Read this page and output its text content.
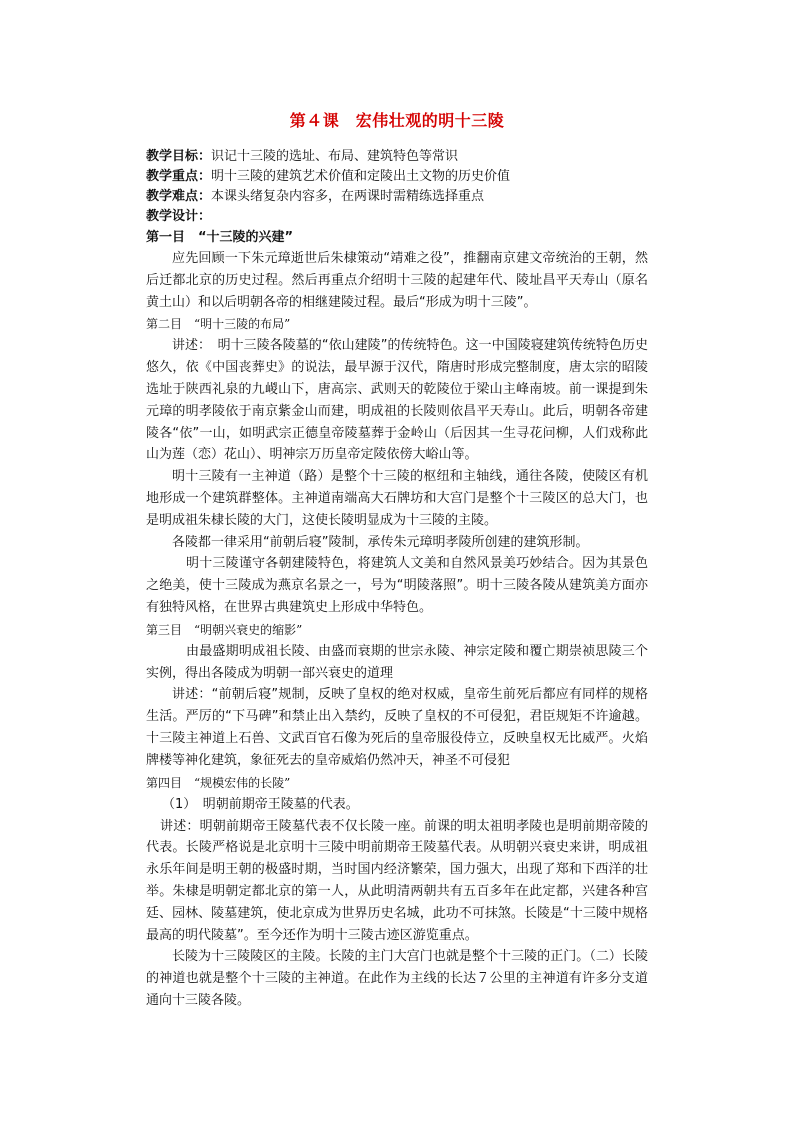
第４课　宏伟壮观的明十三陵

教学目标：识记十三陵的选址、布局、建筑特色等常识

教学重点：明十三陵的建筑艺术价值和定陵出土文物的历史价值

教学难点：本课头绪复杂内容多，在两课时需精练选择重点

教学设计：

第一目　“十三陵的兴建”

应先回顾一下朱元璋逝世后朱棣策动“靖难之役”，推翻南京建文帝统治的王朝，然后迁都北京的历史过程。然后再重点介绍明十三陵的起建年代、陵址昌平天寿山（原名黄土山）和以后明朝各帝的相继建陵过程。最后“形成为明十三陵”。

第二目　“明十三陵的布局”

讲述：　明十三陵各陵墓的“依山建陵”的传统特色。这一中国陵寝建筑传统特色历史悠久，依《中国丧葬史》的说法，最早源于汉代，隋唐时形成完整制度，唐太宗的昭陵选址于陕西礼泉的九嵕山下，唐高宗、武则天的乾陵位于梁山主峰南坡。前一课提到朱元璋的明孝陵依于南京紫金山而建，明成祖的长陵则依昌平天寿山。此后，明朝各帝建陵各“依”一山，如明武宗正德皇帝陵墓葬于金岭山（后因其一生寻花问柳，人们戏称此山为莲（恋）花山）、明神宗万历皇帝定陵依傍大峪山等。

明十三陵有一主神道（路）是整个十三陵的枢纽和主轴线，通往各陵，使陵区有机地形成一个建筑群整体。主神道南端高大石牌坊和大宫门是整个十三陵区的总大门，也是明成祖朱棣长陵的大门，这使长陵明显成为十三陵的主陵。

各陵都一律采用“前朝后寝”陵制，承传朱元璋明孝陵所创建的建筑形制。

明十三陵谨守各朝建陵特色，将建筑人文美和自然风景美巧妙结合。因为其景色之绝美，使十三陵成为燕京名景之一，号为“明陵落照”。明十三陵各陵从建筑美方面亦有独特风格，在世界古典建筑史上形成中华特色。

第三目　“明朝兴衰史的缩影”

由最盛期明成祖长陵、由盛而衰期的世宗永陵、神宗定陵和覆亡期崇祯思陵三个实例，得出各陵成为明朝一部兴衰史的道理

讲述：“前朝后寝”规制，反映了皇权的绝对权威，皇帝生前死后都应有同样的规格生活。严厉的“下马碑”和禁止出入禁约，反映了皇权的不可侵犯，君臣规矩不许逾越。十三陵主神道上石兽、文武百官石像为死后的皇帝服役侍立，反映皇权无比威严。火焰牌楼等神化建筑，象征死去的皇帝威焰仍然冲天，神圣不可侵犯

第四目　“规模宏伟的长陵”

（1）　明朝前期帝王陵墓的代表。

讲述：明朝前期帝王陵墓代表不仅长陵一座。前课的明太祖明孝陵也是明前期帝陵的代表。长陵严格说是北京明十三陵中明前期帝王陵墓代表。从明朝兴衰史来讲，明成祖永乐年间是明王朝的极盛时期，当时国内经济繁荣，国力强大，出现了郑和下西洋的壮举。朱棣是明朝定都北京的第一人，从此明清两朝共有五百多年在此定都，兴建各种宫廷、园林、陵墓建筑，使北京成为世界历史名城，此功不可抹煞。长陵是“十三陵中规格最高的明代陵墓”。至今还作为明十三陵古迹区游览重点。

长陵为十三陵陵区的主陵。长陵的主门大宫门也就是整个十三陵的正门。（二）长陵的神道也就是整个十三陵的主神道。在此作为主线的长达７公里的主神道有许多分支道通向十三陵各陵。
